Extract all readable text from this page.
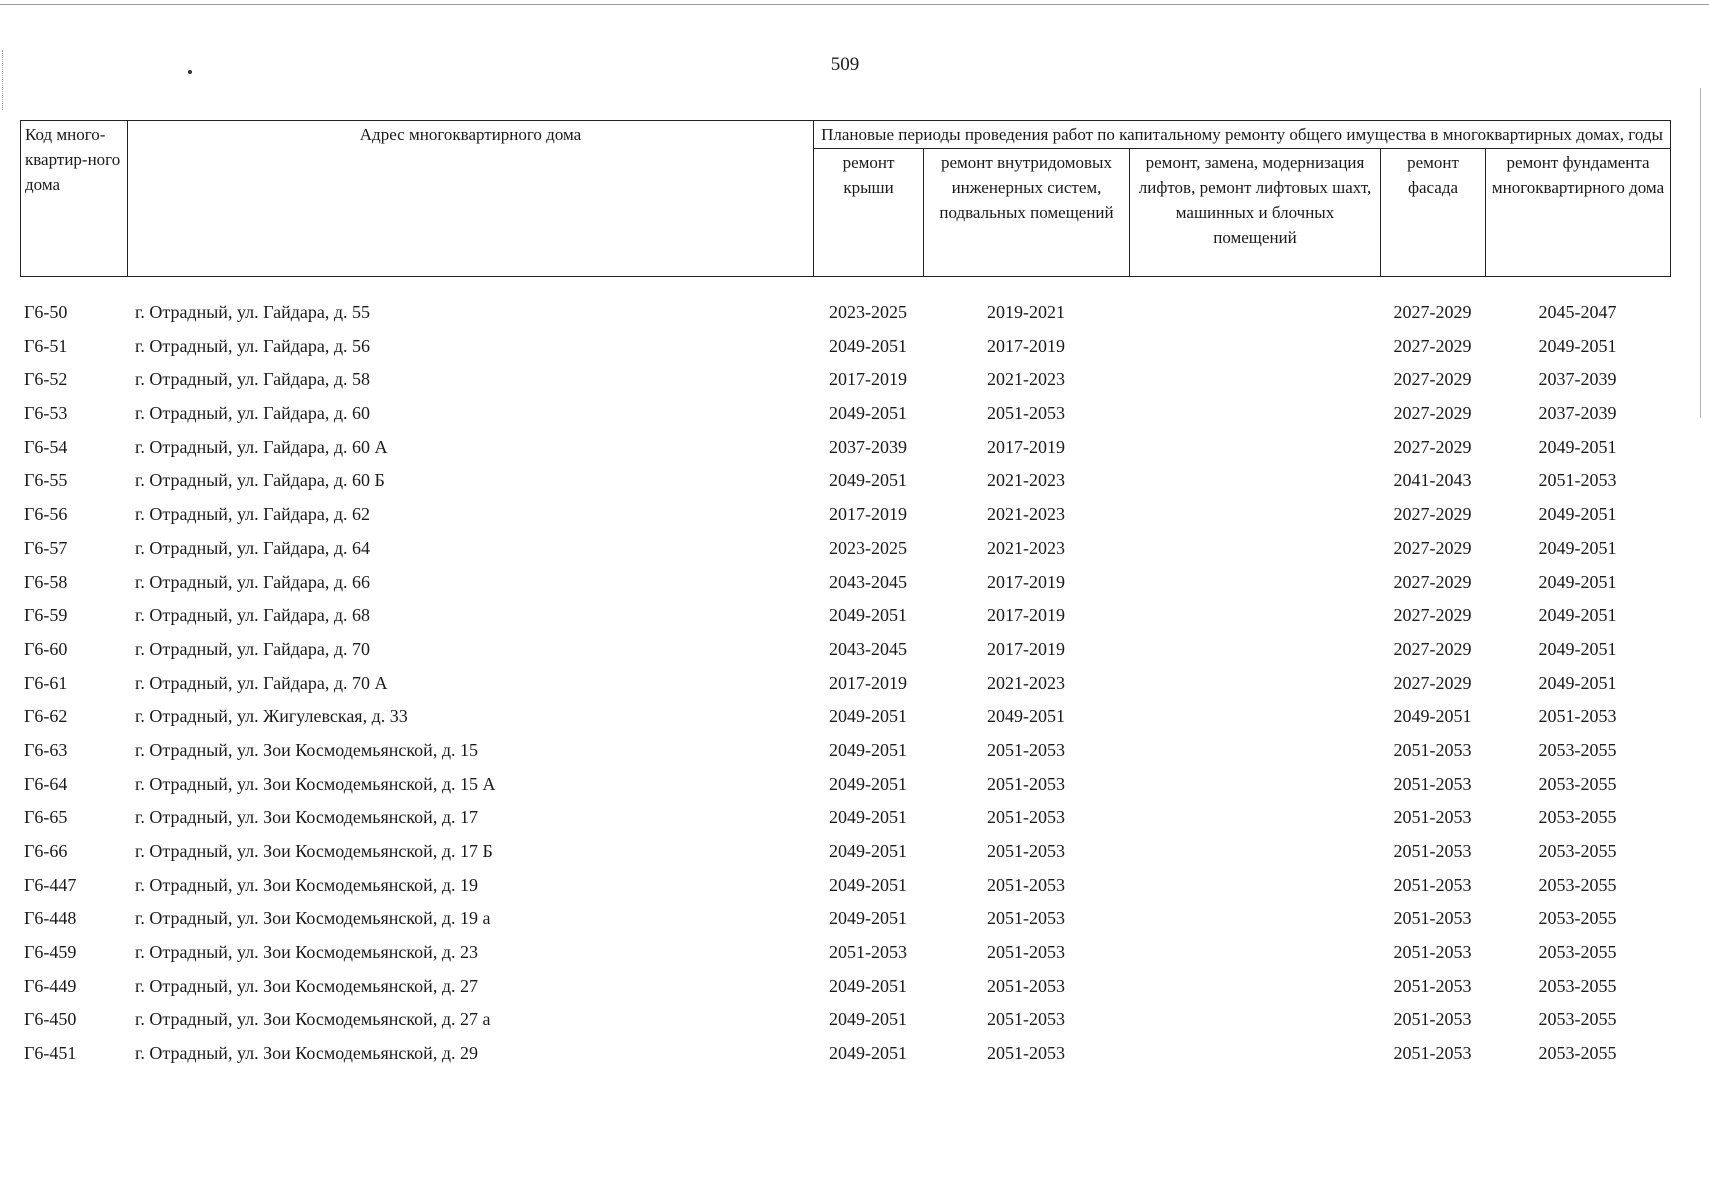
509
Код много-квартир-ного дома	Адрес многоквартирного дома	Плановые периоды проведения работ по капитальному ремонту общего имущества в многоквартирных домах, годы				
		ремонт крыши	ремонт внутридомовых инженерных систем, подвальных помещений	ремонт, замена, модернизация лифтов, ремонт лифтовых шахт, машинных и блочных помещений	ремонт фасада	ремонт фундамента многоквартирного дома
Г6-50	г. Отрадный, ул. Гайдара, д. 55	2023-2025	2019-2021		2027-2029	2045-2047
Г6-51	г. Отрадный, ул. Гайдара, д. 56	2049-2051	2017-2019		2027-2029	2049-2051
Г6-52	г. Отрадный, ул. Гайдара, д. 58	2017-2019	2021-2023		2027-2029	2037-2039
Г6-53	г. Отрадный, ул. Гайдара, д. 60	2049-2051	2051-2053		2027-2029	2037-2039
Г6-54	г. Отрадный, ул. Гайдара, д. 60 А	2037-2039	2017-2019		2027-2029	2049-2051
Г6-55	г. Отрадный, ул. Гайдара, д. 60 Б	2049-2051	2021-2023		2041-2043	2051-2053
Г6-56	г. Отрадный, ул. Гайдара, д. 62	2017-2019	2021-2023		2027-2029	2049-2051
Г6-57	г. Отрадный, ул. Гайдара, д. 64	2023-2025	2021-2023		2027-2029	2049-2051
Г6-58	г. Отрадный, ул. Гайдара, д. 66	2043-2045	2017-2019		2027-2029	2049-2051
Г6-59	г. Отрадный, ул. Гайдара, д. 68	2049-2051	2017-2019		2027-2029	2049-2051
Г6-60	г. Отрадный, ул. Гайдара, д. 70	2043-2045	2017-2019		2027-2029	2049-2051
Г6-61	г. Отрадный, ул. Гайдара, д. 70 А	2017-2019	2021-2023		2027-2029	2049-2051
Г6-62	г. Отрадный, ул. Жигулевская, д. 33	2049-2051	2049-2051		2049-2051	2051-2053
Г6-63	г. Отрадный, ул. Зои Космодемьянской, д. 15	2049-2051	2051-2053		2051-2053	2053-2055
Г6-64	г. Отрадный, ул. Зои Космодемьянской, д. 15 А	2049-2051	2051-2053		2051-2053	2053-2055
Г6-65	г. Отрадный, ул. Зои Космодемьянской, д. 17	2049-2051	2051-2053		2051-2053	2053-2055
Г6-66	г. Отрадный, ул. Зои Космодемьянской, д. 17 Б	2049-2051	2051-2053		2051-2053	2053-2055
Г6-447	г. Отрадный, ул. Зои Космодемьянской, д. 19	2049-2051	2051-2053		2051-2053	2053-2055
Г6-448	г. Отрадный, ул. Зои Космодемьянской, д. 19 а	2049-2051	2051-2053		2051-2053	2053-2055
Г6-459	г. Отрадный, ул. Зои Космодемьянской, д. 23	2051-2053	2051-2053		2051-2053	2053-2055
Г6-449	г. Отрадный, ул. Зои Космодемьянской, д. 27	2049-2051	2051-2053		2051-2053	2053-2055
Г6-450	г. Отрадный, ул. Зои Космодемьянской, д. 27 а	2049-2051	2051-2053		2051-2053	2053-2055
Г6-451	г. Отрадный, ул. Зои Космодемьянской, д. 29	2049-2051	2051-2053		2051-2053	2053-2055
